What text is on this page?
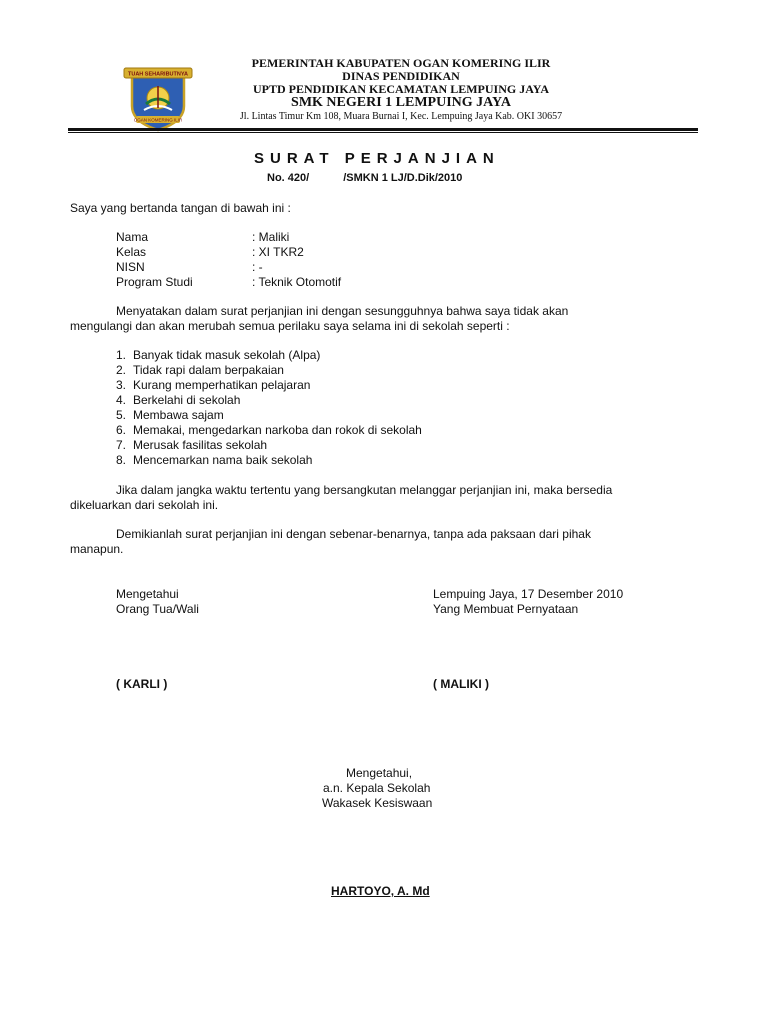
TUAH SEHARIBUTNYA
OGAN KOMERING ILIR
PEMERINTAH KABUPATEN OGAN KOMERING ILIR
DINAS PENDIDIKAN
UPTD PENDIDIKAN KECAMATAN LEMPUING JAYA
SMK NEGERI 1 LEMPUING JAYA
Jl. Lintas Timur Km 108, Muara Burnai I, Kec. Lempuing Jaya Kab. OKI 30657
SURAT PERJANJIAN
No. 420/	/SMKN 1 LJ/D.Dik/2010
Saya yang bertanda tangan di bawah ini :
Nama	: Maliki
Kelas	: XI TKR2
NISN	: -
Program Studi	: Teknik Otomotif
Menyatakan dalam surat perjanjian ini dengan sesungguhnya bahwa saya tidak akan
mengulangi dan akan merubah semua perilaku saya selama ini di sekolah seperti :
1. Banyak tidak masuk sekolah (Alpa)
2. Tidak rapi dalam berpakaian
3. Kurang memperhatikan pelajaran
4. Berkelahi di sekolah
5. Membawa sajam
6. Memakai, mengedarkan narkoba dan rokok di sekolah
7. Merusak fasilitas sekolah
8. Mencemarkan nama baik sekolah
Jika dalam jangka waktu tertentu yang bersangkutan melanggar perjanjian ini, maka bersedia
dikeluarkan dari sekolah ini.
Demikianlah surat perjanjian ini dengan sebenar-benarnya, tanpa ada paksaan dari pihak
manapun.
Mengetahui
Orang Tua/Wali
Lempuing Jaya, 17 Desember 2010
Yang Membuat Pernyataan
( KARLI )	( MALIKI )
Mengetahui,
a.n. Kepala Sekolah
Wakasek Kesiswaan
HARTOYO, A. Md
